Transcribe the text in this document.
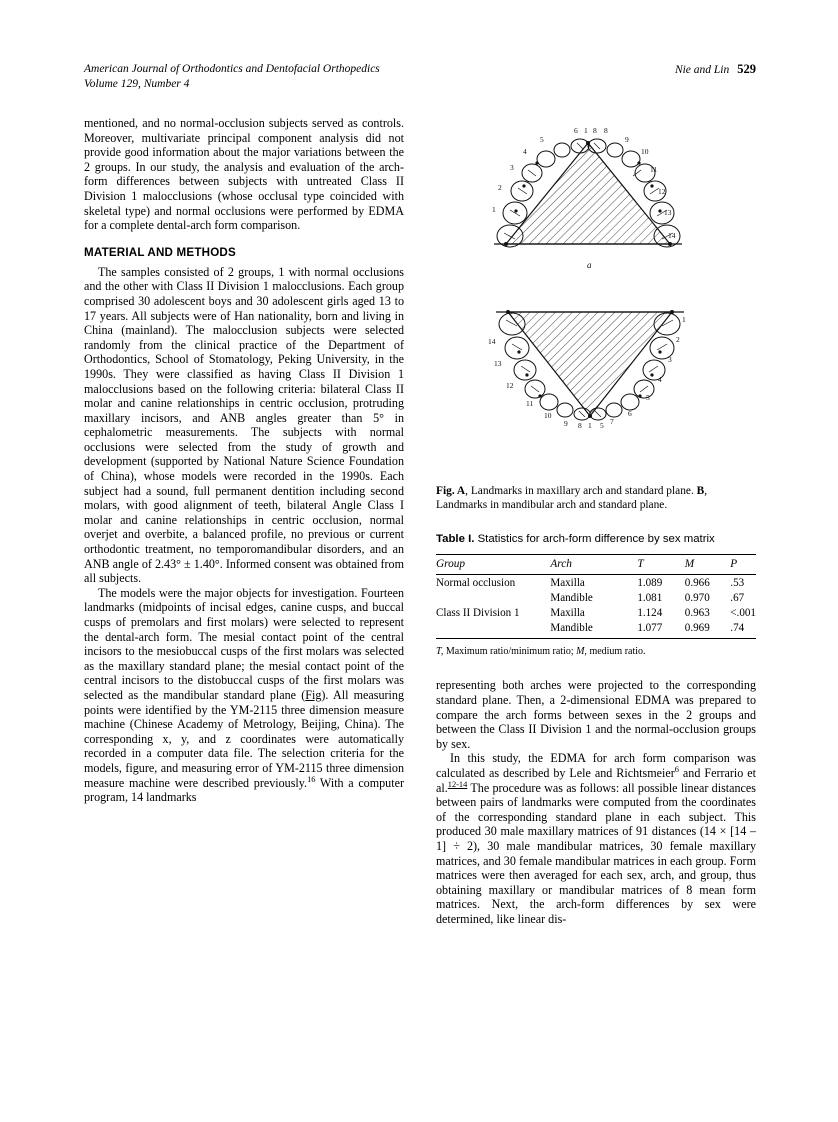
American Journal of Orthodontics and Dentofacial Orthopedics
Volume 129, Number 4
Nie and Lin 529

mentioned, and no normal-occlusion subjects served as controls. Moreover, multivariate principal component analysis did not provide good information about the major variations between the 2 groups. In our study, the analysis and evaluation of the arch-form differences between subjects with untreated Class II Division 1 malocclusions (whose occlusal type coincided with skeletal type) and normal occlusions were performed by EDMA for a complete dental-arch form comparison.

MATERIAL AND METHODS

The samples consisted of 2 groups, 1 with normal occlusions and the other with Class II Division 1 malocclusions. Each group comprised 30 adolescent boys and 30 adolescent girls aged 13 to 17 years. All subjects were of Han nationality, born and living in China (mainland). The malocclusion subjects were selected randomly from the clinical practice of the Department of Orthodontics, School of Stomatology, Peking University, in the 1990s. They were classified as having Class II Division 1 malocclusions based on the following criteria: bilateral Class II molar and canine relationships in centric occlusion, protruding maxillary incisors, and ANB angles greater than 5° in cephalometric measurements. The subjects with normal occlusions were selected from the study of growth and development (supported by National Nature Science Foundation of China), whose models were recorded in the 1990s. Each subject had a sound, full permanent dentition including second molars, with good alignment of teeth, bilateral Angle Class I molar and canine relationships in centric occlusion, normal overjet and overbite, a balanced profile, no previous or current orthodontic treatment, no temporomandibular disorders, and an ANB angle of 2.43° ± 1.40°. Informed consent was obtained from all subjects.

The models were the major objects for investigation. Fourteen landmarks (midpoints of incisal edges, canine cusps, and buccal cusps of premolars and first molars) were selected to represent the dental-arch form. The mesial contact point of the central incisors to the mesiobuccal cusps of the first molars was selected as the maxillary standard plane; the mesial contact point of the central incisors to the distobuccal cusps of the first molars was selected as the mandibular standard plane (Fig). All measuring points were identified by the YM-2115 three dimension measure machine (Chinese Academy of Metrology, Beijing, China). The corresponding x, y, and z coordinates were automatically recorded in a computer data file. The selection criteria for the models, figure, and measuring error of YM-2115 three dimension measure machine were described previously.$^{16}$ With a computer program, 14 landmarks

6 1 8 8
5	9
4	10
3	11
2	12
1	13
14
a
1
2
3
4
5
6
7
5
1
8
9
10
11
12
13
14
Fig. A, Landmarks in maxillary arch and standard plane. B, Landmarks in mandibular arch and standard plane.
Table I. Statistics for arch-form difference by sex matrix
Group	Arch	T	M	P
Normal occlusion	Maxilla	1.089	0.966	.53
	Mandible	1.081	0.970	.67
Class II Division 1	Maxilla	1.124	0.963	<.001
	Mandible	1.077	0.969	.74
T, Maximum ratio/minimum ratio; M, medium ratio.

representing both arches were projected to the corresponding standard plane. Then, a 2-dimensional EDMA was prepared to compare the arch forms between sexes in the 2 groups and between the Class II Division 1 and the normal-occlusion groups by sex.

In this study, the EDMA for arch form comparison was calculated as described by Lele and Richtsmeier$^6$ and Ferrario et al.$^{12-14}$ The procedure was as follows: all possible linear distances between pairs of landmarks were computed from the coordinates of the corresponding standard plane in each subject. This produced 30 male maxillary matrices of 91 distances (14 × [14 – 1] ÷ 2), 30 male mandibular matrices, 30 female maxillary matrices, and 30 female mandibular matrices in each group. Form matrices were then averaged for each sex, arch, and group, thus obtaining maxillary or mandibular matrices of 8 mean form matrices. Next, the arch-form differences by sex were determined, like linear dis-
